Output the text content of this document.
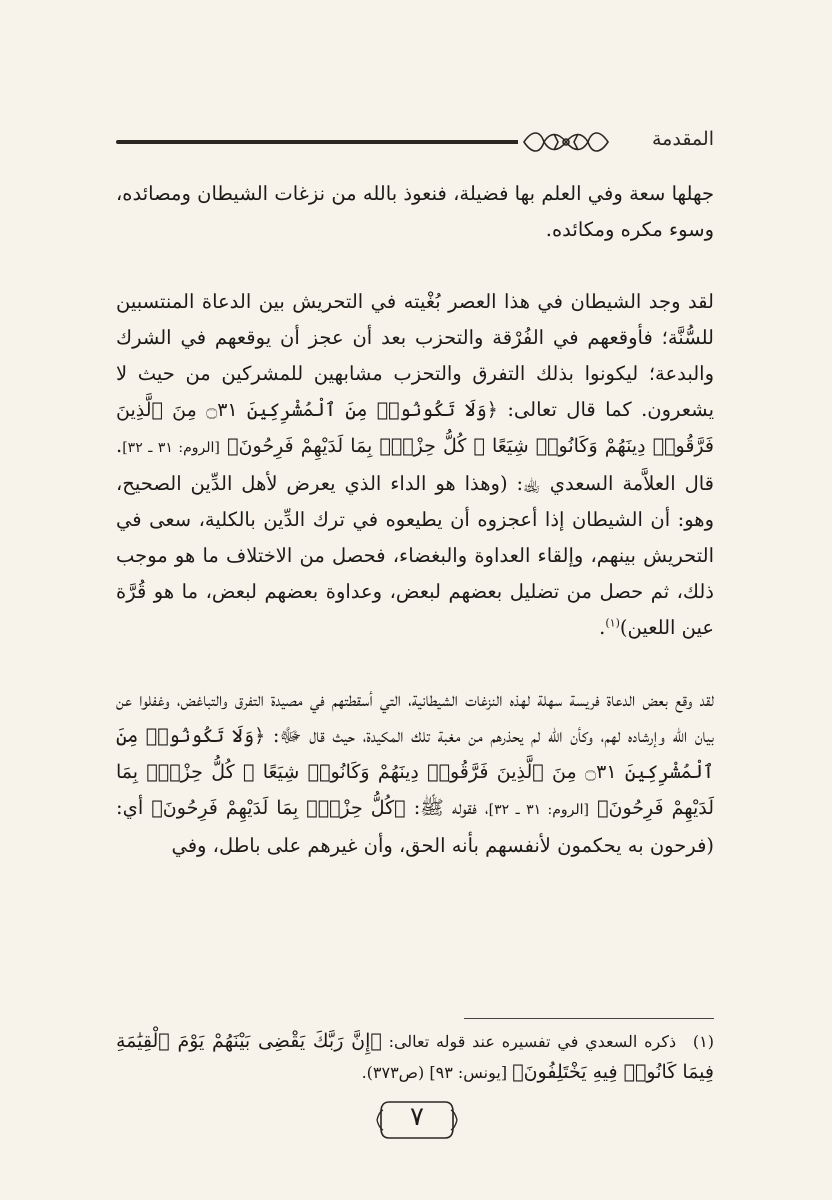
المقدمة

جهلها سعة وفي العلم بها فضيلة، فنعوذ بالله من نزغات الشيطان ومصائده، وسوء مكره ومكائده.

لقد وجد الشيطان في هذا العصر بُغْيته في التحريش بين الدعاة المنتسبين للسُّنَّة؛ فأوقعهم في الفُرْقة والتحزب بعد أن عجز أن يوقعهم في الشرك والبدعة؛ ليكونوا بذلك التفرق والتحزب مشابهين للمشركين من حيث لا يشعرون. كما قال تعالى: ﴿وَلَا تَكُونُوا۟ مِنَ ٱلْمُشْرِكِينَ ۝٣١ مِنَ ٱلَّذِينَ فَرَّقُوا۟ دِينَهُمْ وَكَانُوا۟ شِيَعًا ۖ كُلُّ حِزْبٍۭ بِمَا لَدَيْهِمْ فَرِحُونَ﴾ [الروم: ٣١ ـ ٣٢]. قال العلاَّمة السعدي ﵀: (وهذا هو الداء الذي يعرض لأهل الدِّين الصحيح، وهو: أن الشيطان إذا أعجزوه أن يطيعوه في ترك الدِّين بالكلية، سعى في التحريش بينهم، وإلقاء العداوة والبغضاء، فحصل من الاختلاف ما هو موجب ذلك، ثم حصل من تضليل بعضهم لبعض، وعداوة بعضهم لبعض، ما هو قُرَّة عين اللعين)$^{(١)}$.

لقد وقع بعض الدعاة فريسة سهلة لهذه النزغات الشيطانية، التي أسقطتهم في مصيدة التفرق والتباغض، وغفلوا عن بيان الله وإرشاده لهم، وكأن الله لم يحذرهم من مغبة تلك المكيدة، حيث قال ﷻ: ﴿وَلَا تَكُونُوا۟ مِنَ ٱلْمُشْرِكِينَ ۝٣١ مِنَ ٱلَّذِينَ فَرَّقُوا۟ دِينَهُمْ وَكَانُوا۟ شِيَعًا ۖ كُلُّ حِزْبٍۭ بِمَا لَدَيْهِمْ فَرِحُونَ﴾ [الروم: ٣١ ـ ٣٢]، فقوله ﷺ: ﴿كُلُّ حِزْبٍۭ بِمَا لَدَيْهِمْ فَرِحُونَ﴾ أي: (فرحون به يحكمون لأنفسهم بأنه الحق، وأن غيرهم على باطل، وفي

(١) ذكره السعدي في تفسيره عند قوله تعالى: ﴿إِنَّ رَبَّكَ يَقْضِى بَيْنَهُمْ يَوْمَ ٱلْقِيَٰمَةِ فِيمَا كَانُوا۟ فِيهِ يَخْتَلِفُونَ﴾ [يونس: ٩٣] (ص٣٧٣).
٧
